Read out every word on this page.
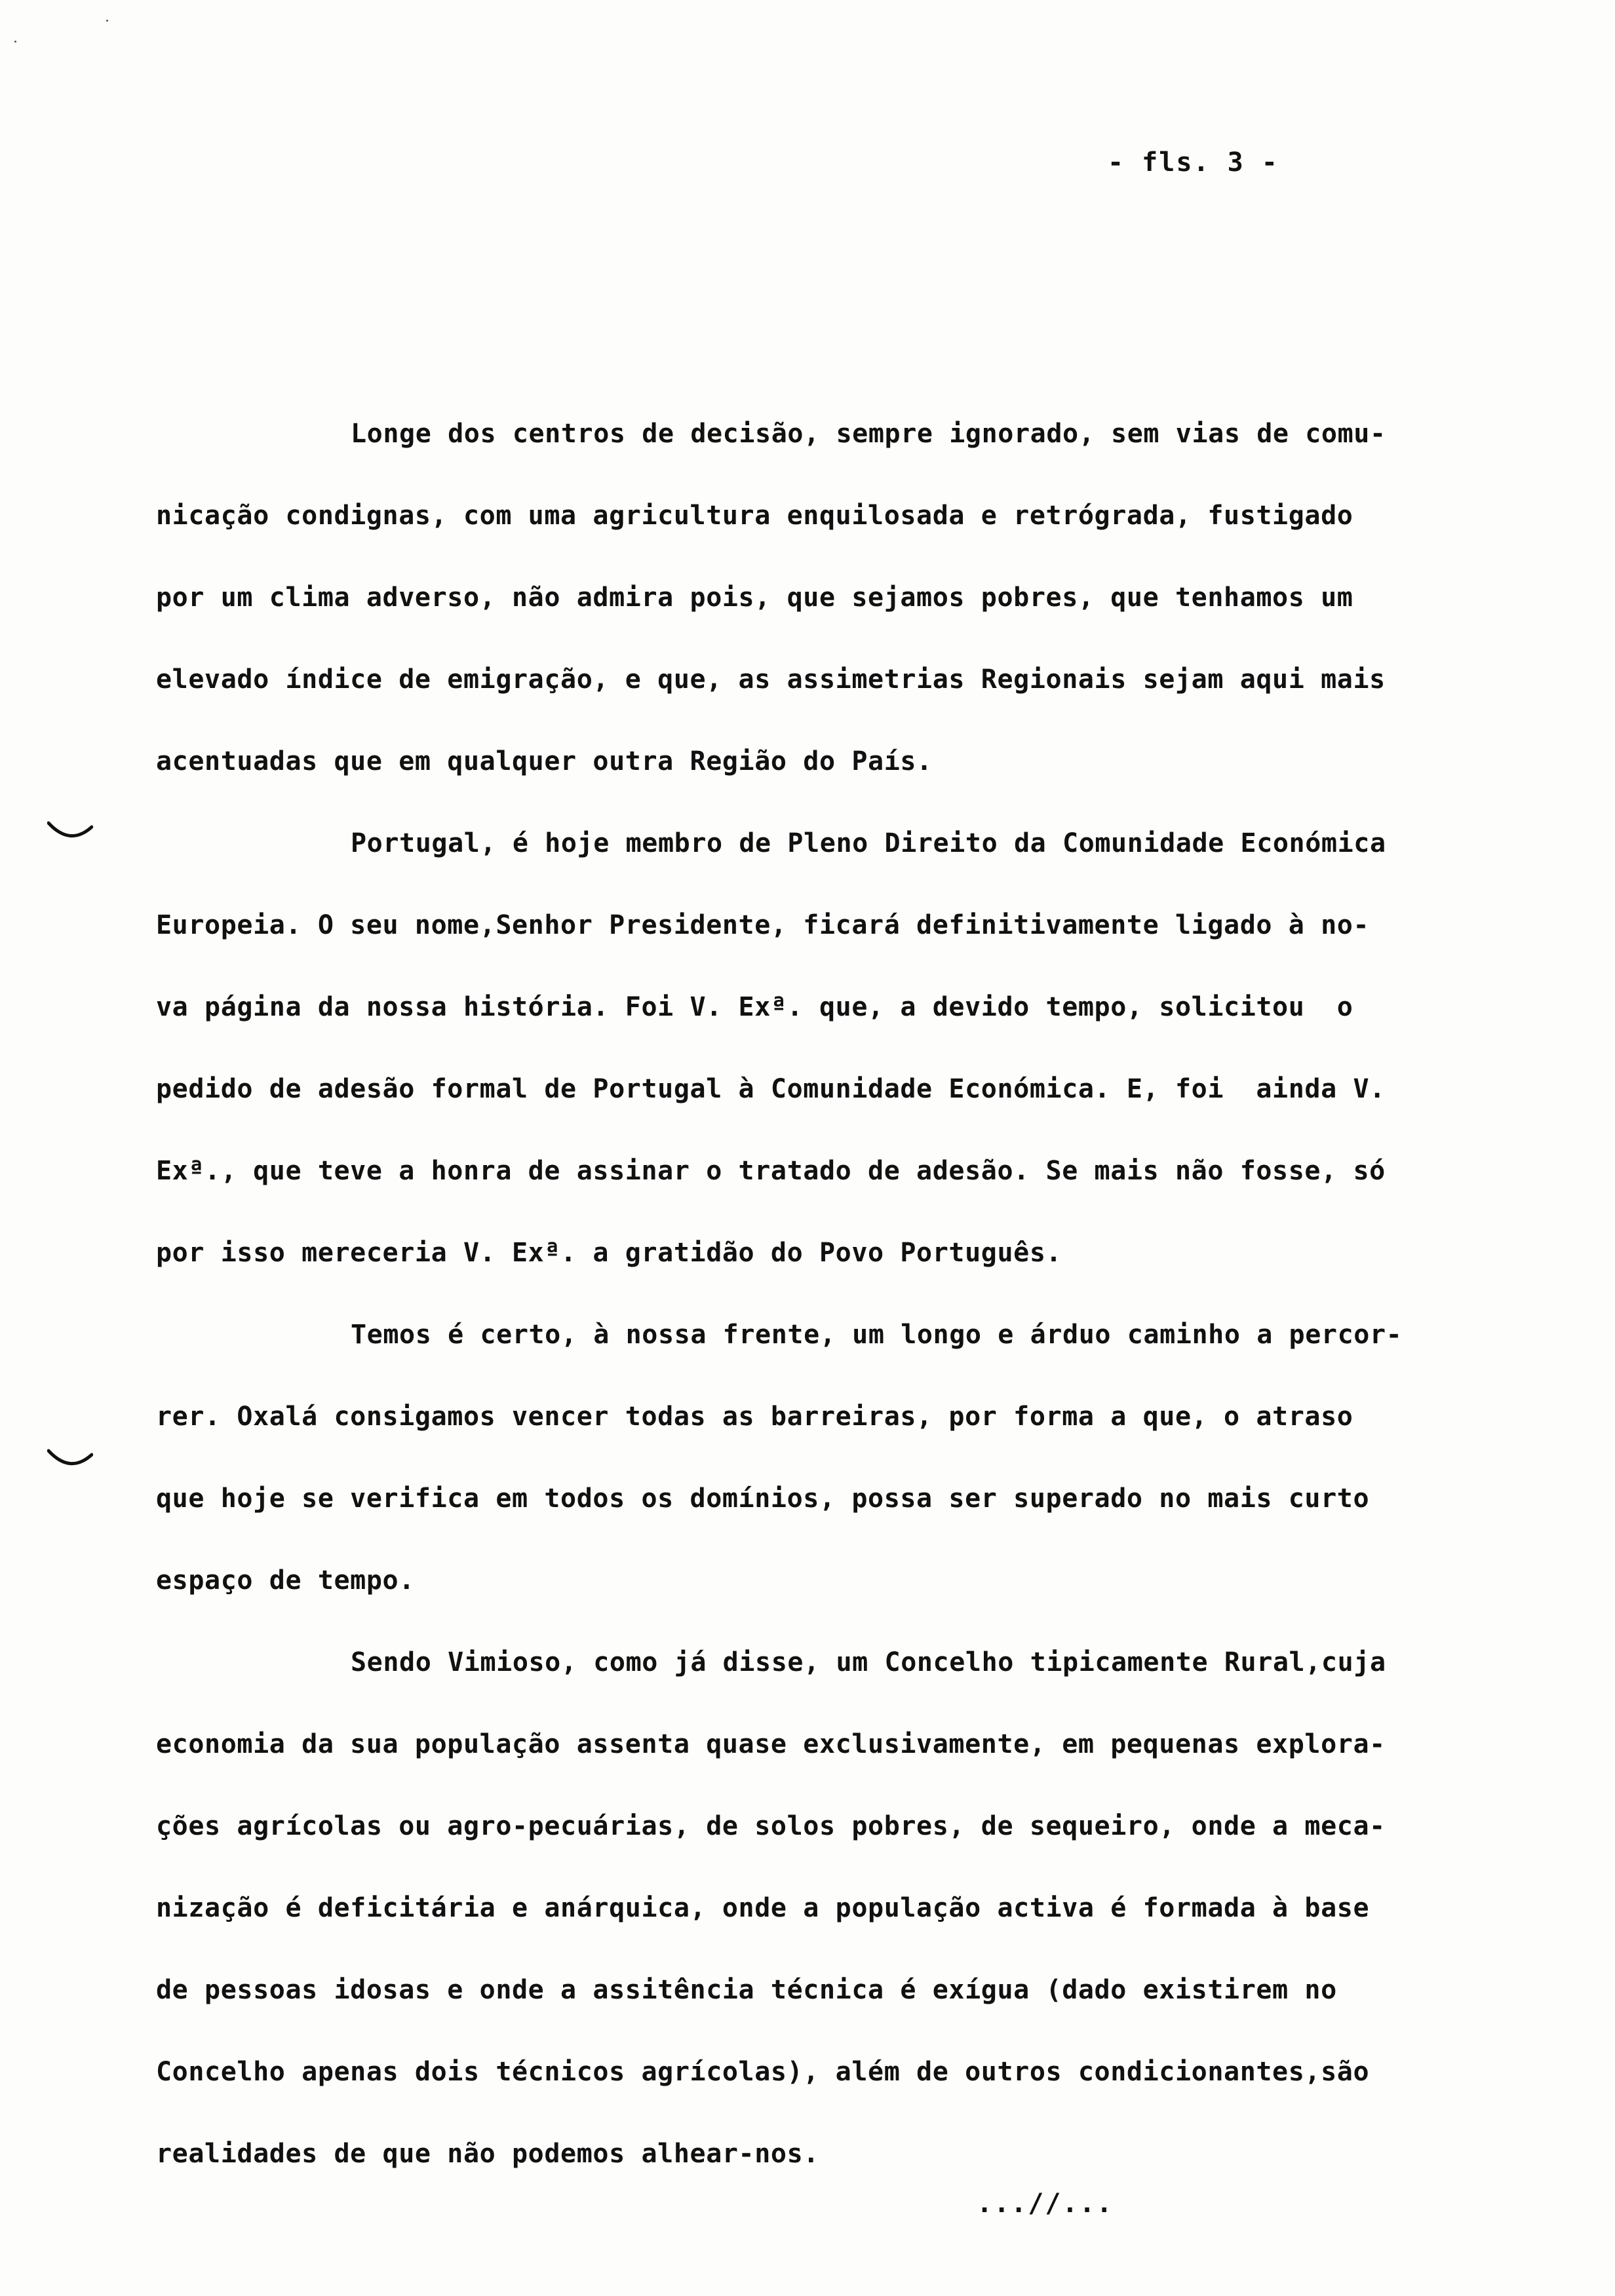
- fls. 3 -
Longe dos centros de decisão, sempre ignorado, sem vias de comu-
nicação condignas, com uma agricultura enquilosada e retrógrada, fustigado
por um clima adverso, não admira pois, que sejamos pobres, que tenhamos um
elevado índice de emigração, e que, as assimetrias Regionais sejam aqui mais
acentuadas que em qualquer outra Região do País.
Portugal, é hoje membro de Pleno Direito da Comunidade Económica
Europeia. O seu nome,Senhor Presidente, ficará definitivamente ligado à no-
va página da nossa história. Foi V. Exª. que, a devido tempo, solicitou  o
pedido de adesão formal de Portugal à Comunidade Económica. E, foi  ainda V.
Exª., que teve a honra de assinar o tratado de adesão. Se mais não fosse, só
por isso mereceria V. Exª. a gratidão do Povo Português.
Temos é certo, à nossa frente, um longo e árduo caminho a percor-
rer. Oxalá consigamos vencer todas as barreiras, por forma a que, o atraso
que hoje se verifica em todos os domínios, possa ser superado no mais curto
espaço de tempo.
Sendo Vimioso, como já disse, um Concelho tipicamente Rural,cuja
economia da sua população assenta quase exclusivamente, em pequenas explora-
ções agrícolas ou agro-pecuárias, de solos pobres, de sequeiro, onde a meca-
nização é deficitária e anárquica, onde a população activa é formada à base
de pessoas idosas e onde a assitência técnica é exígua (dado existirem no
Concelho apenas dois técnicos agrícolas), além de outros condicionantes,são
realidades de que não podemos alhear-nos.
...//...
